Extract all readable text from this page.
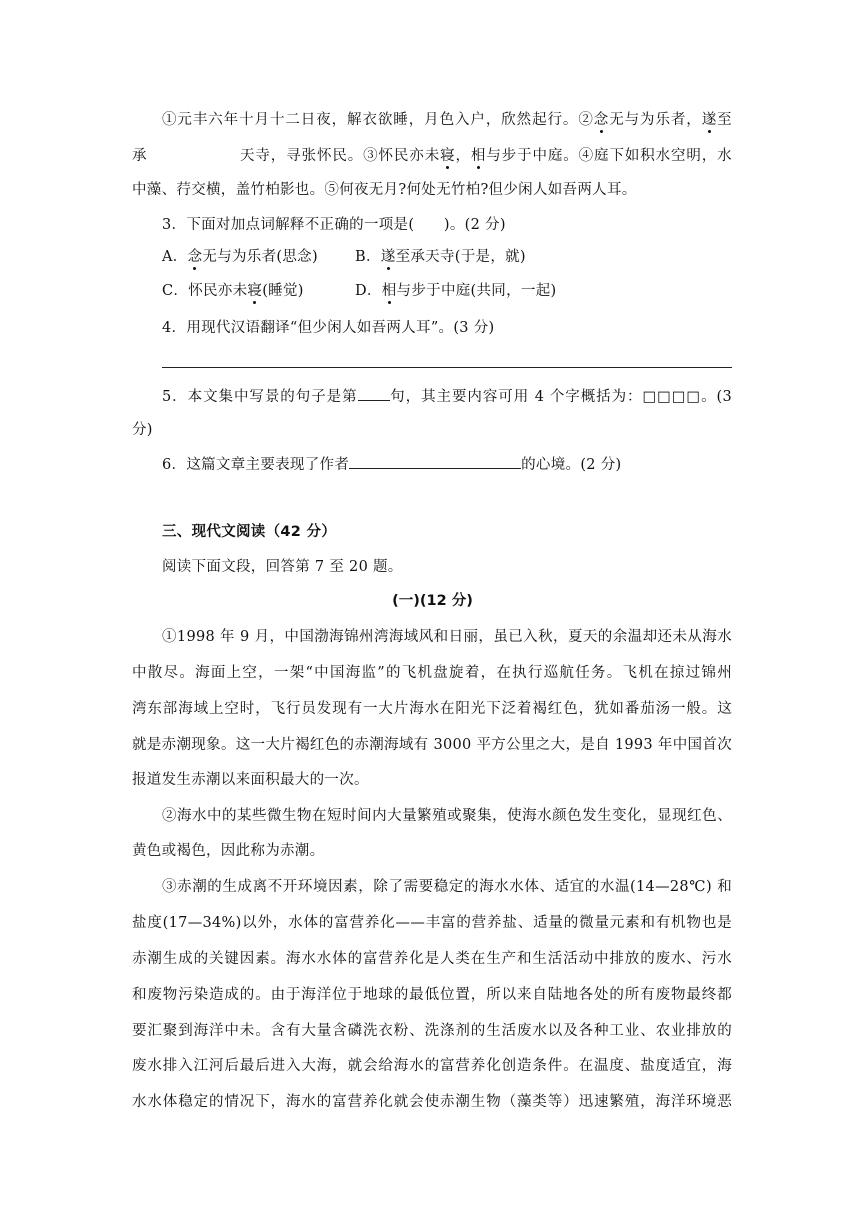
①元丰六年十月十二日夜，解衣欲睡，月色入户，欣然起行。②念无与为乐者，遂至
承	天寺，寻张怀民。③怀民亦未寝，相与步于中庭。④庭下如积水空明，水
中藻、荇交横，盖竹柏影也。⑤何夜无月?何处无竹柏?但少闲人如吾两人耳。
3．下面对加点词解释不正确的一项是(　　)。(2 分)
A．念无与为乐者(思念)	B．遂至承天寺(于是，就)
C．怀民亦未寝(睡觉)	D．相与步于中庭(共同，一起)
4．用现代汉语翻译“但少闲人如吾两人耳”。(3 分)
5．本文集中写景的句子是第 句，其主要内容可用 4 个字概括为：□□□□。(3
分)
6．这篇文章主要表现了作者	的心境。(2 分)
三、现代文阅读（42 分）
阅读下面文段，回答第 7 至 20 题。
(一)(12 分)
①1998 年 9 月，中国渤海锦州湾海域风和日丽，虽已入秋，夏天的余温却还未从海水
中散尽。海面上空，一架“中国海监”的飞机盘旋着，在执行巡航任务。飞机在掠过锦州
湾东部海域上空时，飞行员发现有一大片海水在阳光下泛着褐红色，犹如番茄汤一般。这
就是赤潮现象。这一大片褐红色的赤潮海域有 3000 平方公里之大，是自 1993 年中国首次
报道发生赤潮以来面积最大的一次。
②海水中的某些微生物在短时间内大量繁殖或聚集，使海水颜色发生变化，显现红色、
黄色或褐色，因此称为赤潮。
③赤潮的生成离不开环境因素，除了需要稳定的海水水体、适宜的水温(14—28℃) 和
盐度(17—34%)以外，水体的富营养化——丰富的营养盐、适量的微量元素和有机物也是
赤潮生成的关键因素。海水水体的富营养化是人类在生产和生活活动中排放的废水、污水
和废物污染造成的。由于海洋位于地球的最低位置，所以来自陆地各处的所有废物最终都
要汇聚到海洋中未。含有大量含磷洗衣粉、洗涤剂的生活废水以及各种工业、农业排放的
废水排入江河后最后进入大海，就会给海水的富营养化创造条件。在温度、盐度适宜，海
水水体稳定的情况下，海水的富营养化就会使赤潮生物（藻类等）迅速繁殖，海洋环境恶
